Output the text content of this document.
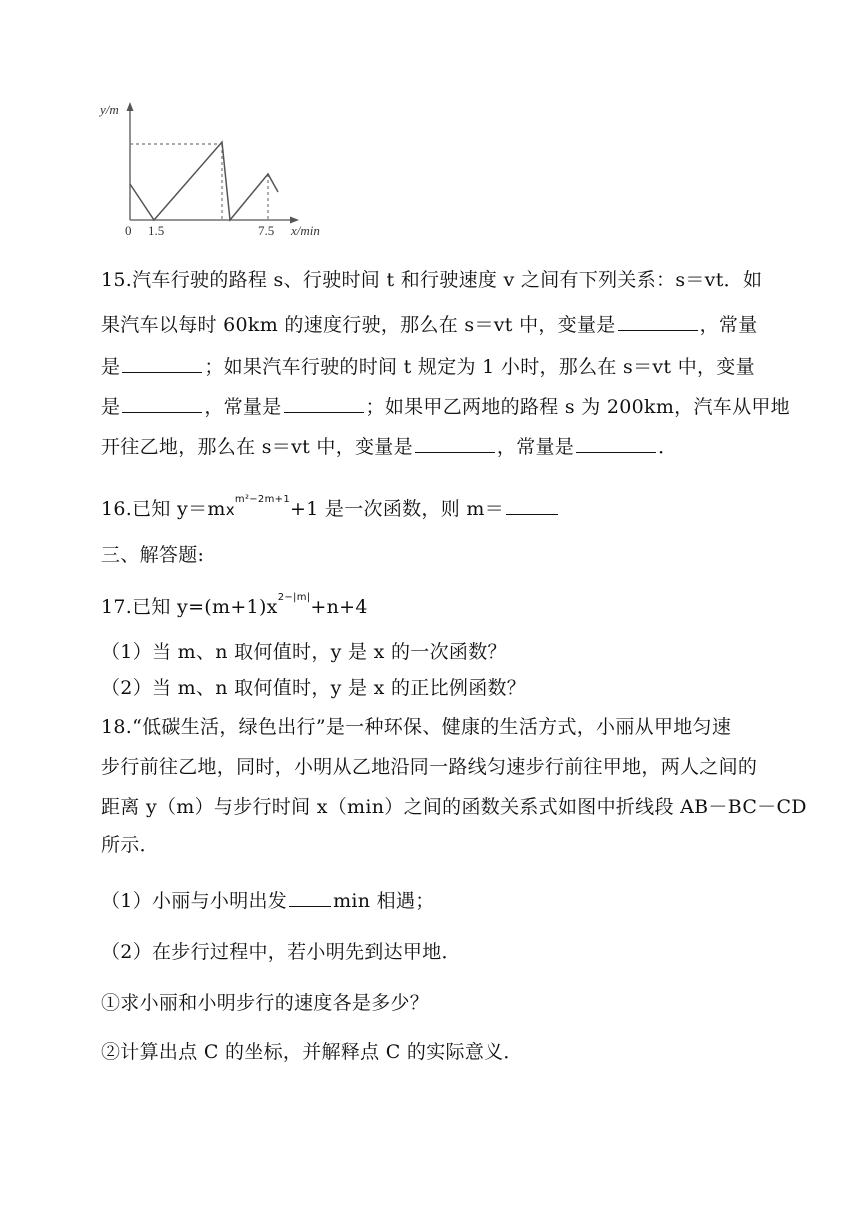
y/m
x/min
0 1.5	7.5
15.汽车行驶的路程 s、行驶时间 t 和行驶速度 v 之间有下列关系：s＝vt．如
果汽车以每时 60km 的速度行驶，那么在 s＝vt 中，变量是	，常量
是	；如果汽车行驶的时间 t 规定为 1 小时，那么在 s＝vt 中，变量
是	，常量是	；如果甲乙两地的路程 s 为 200km，汽车从甲地
开往乙地，那么在 s＝vt 中，变量是	，常量是	．
16.已知 $y=mx^{m^2-2m+1}+1$ 是一次函数，则 m＝
三、解答题:
17.已知 $y=(m+1)x^{2-|m|}+n+4$
（1）当 m、n 取何值时，y 是 x 的一次函数？
（2）当 m、n 取何值时，y 是 x 的正比例函数？
18.“低碳生活，绿色出行”是一种环保、健康的生活方式，小丽从甲地匀速
步行前往乙地，同时，小明从乙地沿同一路线匀速步行前往甲地，两人之间的
距离 y（m）与步行时间 x（min）之间的函数关系式如图中折线段 AB－BC－CD
所示．
（1）小丽与小明出发 min 相遇；
（2）在步行过程中，若小明先到达甲地．
①求小丽和小明步行的速度各是多少？
②计算出点 C 的坐标，并解释点 C 的实际意义．
